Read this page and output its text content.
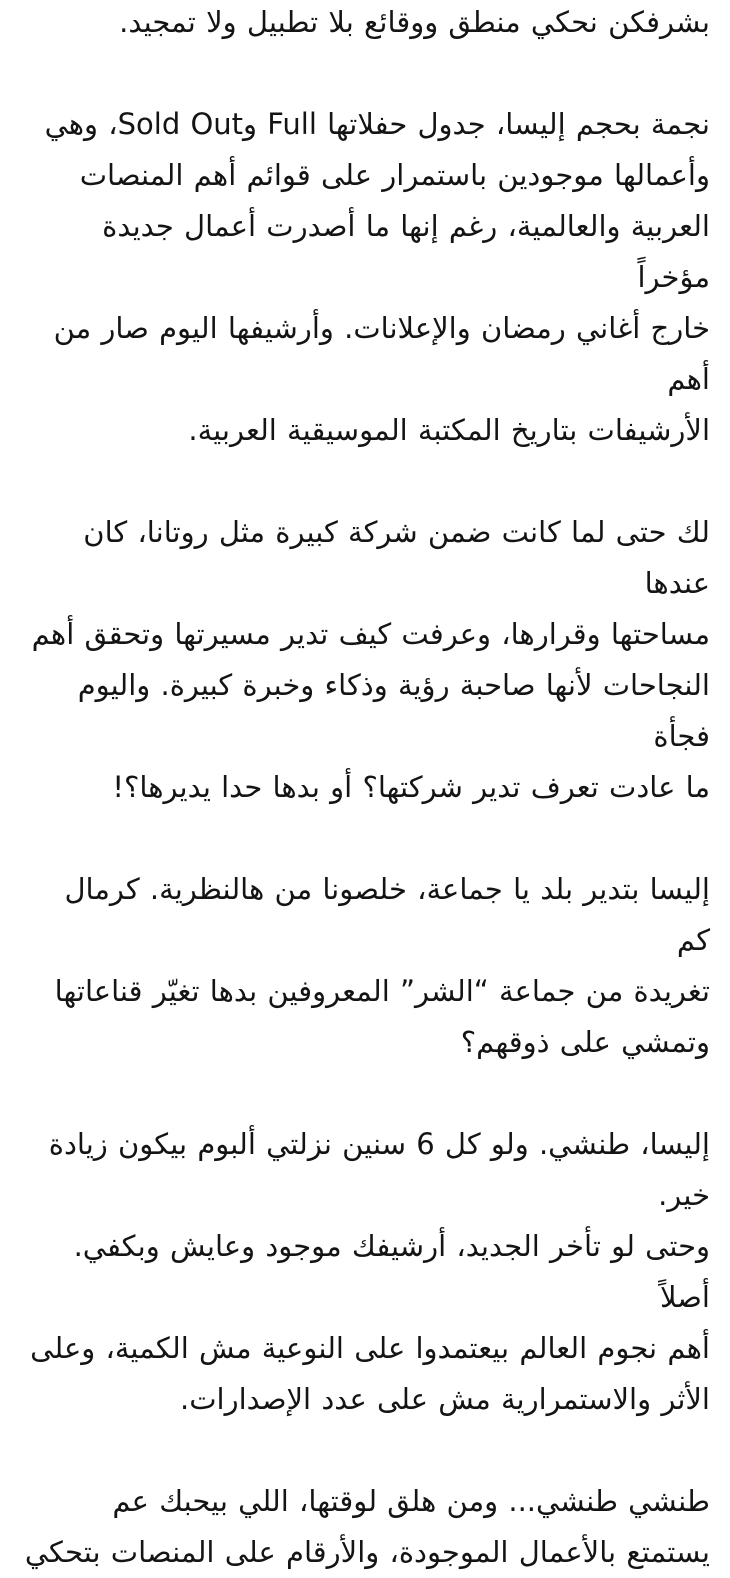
بشرفكن نحكي منطق ووقائع بلا تطبيل ولا تمجيد.

نجمة بحجم إليسا، جدول حفلاتها Full وSold Out، وهي
وأعمالها موجودين باستمرار على قوائم أهم المنصات
العربية والعالمية، رغم إنها ما أصدرت أعمال جديدة مؤخراً
خارج أغاني رمضان والإعلانات. وأرشيفها اليوم صار من أهم
الأرشيفات بتاريخ المكتبة الموسيقية العربية.

لك حتى لما كانت ضمن شركة كبيرة مثل روتانا، كان عندها
مساحتها وقرارها، وعرفت كيف تدير مسيرتها وتحقق أهم
النجاحات لأنها صاحبة رؤية وذكاء وخبرة كبيرة. واليوم فجأة
ما عادت تعرف تدير شركتها؟ أو بدها حدا يديرها؟!

إليسا بتدير بلد يا جماعة، خلصونا من هالنظرية. كرمال كم
تغريدة من جماعة “الشر” المعروفين بدها تغيّر قناعاتها
وتمشي على ذوقهم؟

إليسا، طنشي. ولو كل 6 سنين نزلتي ألبوم بيكون زيادة خير.
وحتى لو تأخر الجديد، أرشيفك موجود وعايش وبكفي. أصلاً
أهم نجوم العالم بيعتمدوا على النوعية مش الكمية، وعلى
الأثر والاستمرارية مش على عدد الإصدارات.

طنشي طنشي... ومن هلق لوقتها، اللي بيحبك عم
يستمتع بالأعمال الموجودة، والأرقام على المنصات بتحكي
